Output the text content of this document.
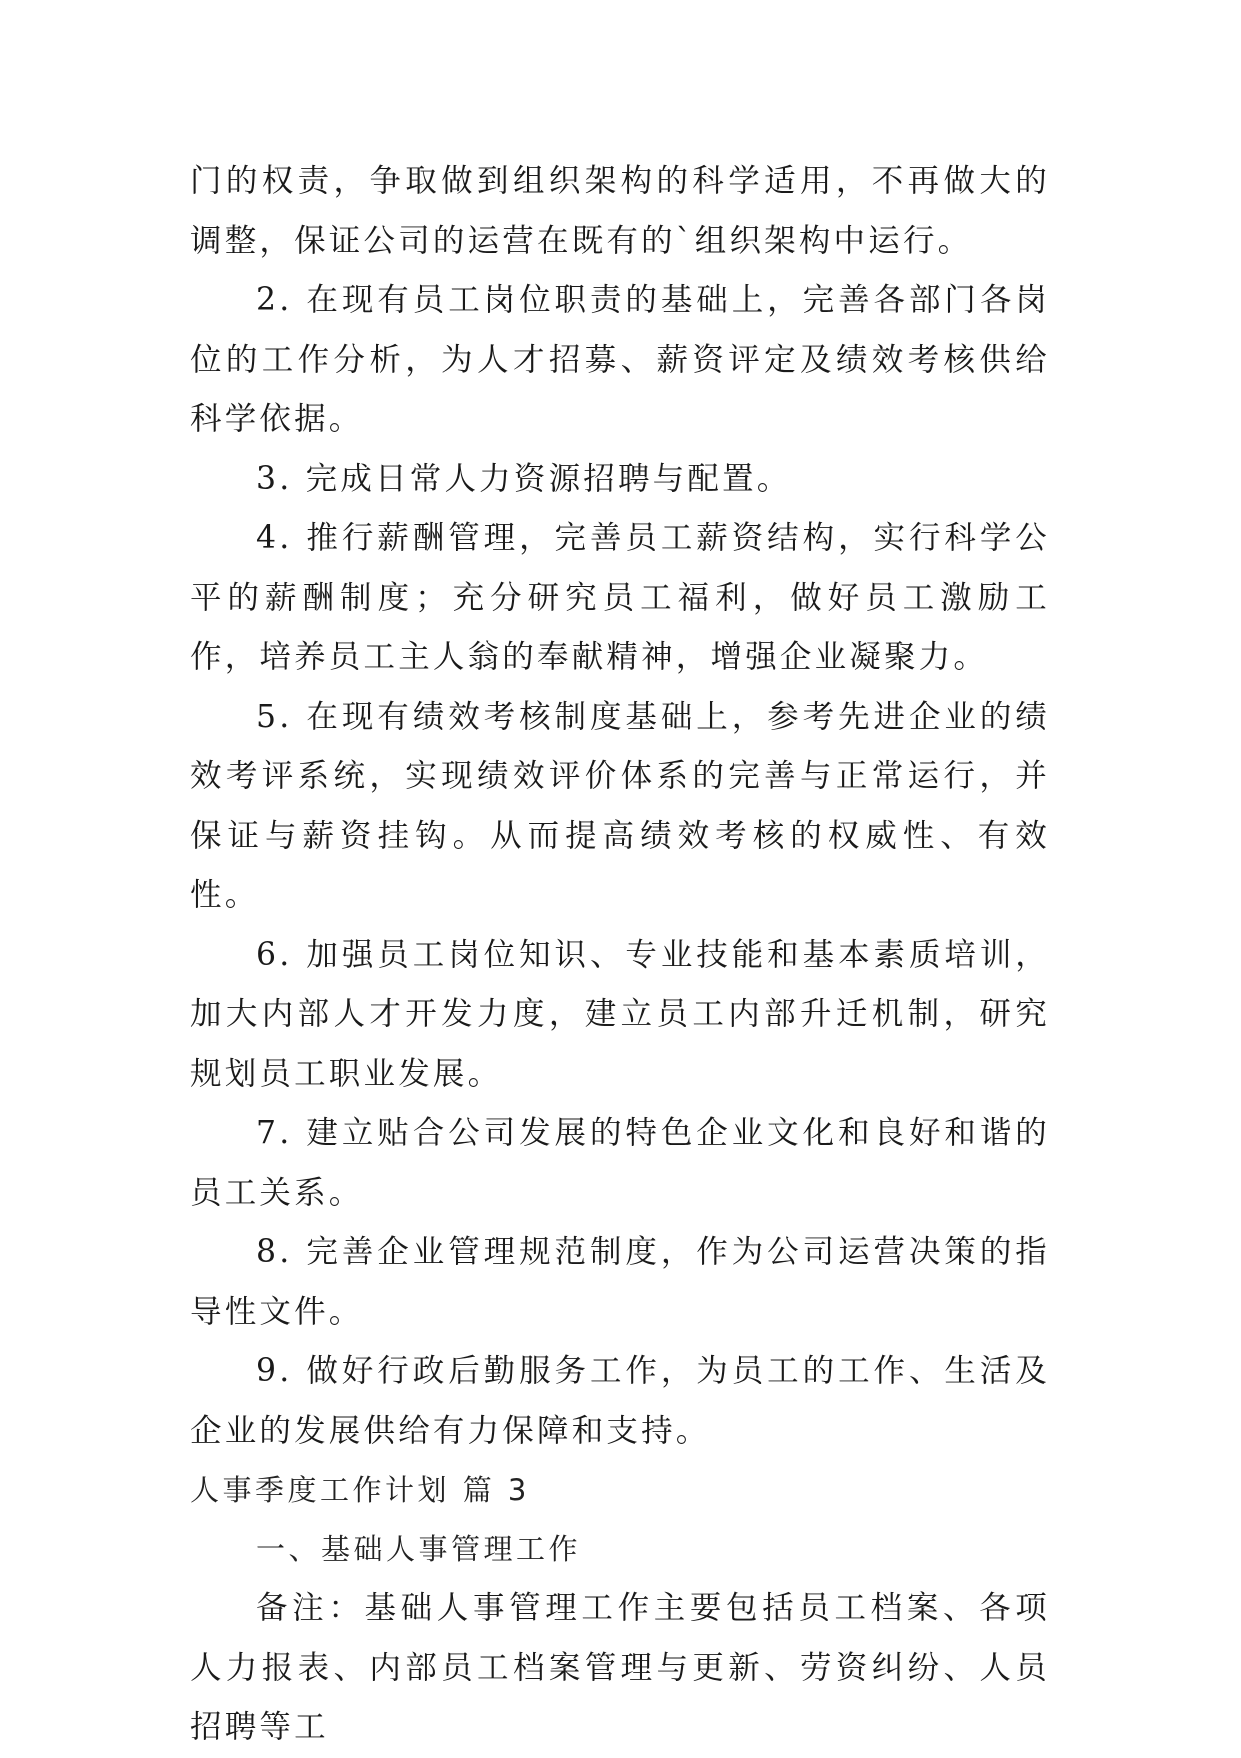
门的权责，争取做到组织架构的科学适用，不再做大的调整，保证公司的运营在既有的`组织架构中运行。

2. 在现有员工岗位职责的基础上，完善各部门各岗位的工作分析，为人才招募、薪资评定及绩效考核供给科学依据。

3. 完成日常人力资源招聘与配置。

4. 推行薪酬管理，完善员工薪资结构，实行科学公平的薪酬制度；充分研究员工福利，做好员工激励工作，培养员工主人翁的奉献精神，增强企业凝聚力。

5. 在现有绩效考核制度基础上，参考先进企业的绩效考评系统，实现绩效评价体系的完善与正常运行，并保证与薪资挂钩。从而提高绩效考核的权威性、有效性。

6. 加强员工岗位知识、专业技能和基本素质培训，加大内部人才开发力度，建立员工内部升迁机制，研究规划员工职业发展。

7. 建立贴合公司发展的特色企业文化和良好和谐的员工关系。

8. 完善企业管理规范制度，作为公司运营决策的指导性文件。

9. 做好行政后勤服务工作，为员工的工作、生活及企业的发展供给有力保障和支持。

人事季度工作计划 篇 3
一、基础人事管理工作

备注：基础人事管理工作主要包括员工档案、各项人力报表、内部员工档案管理与更新、劳资纠纷、人员招聘等工
